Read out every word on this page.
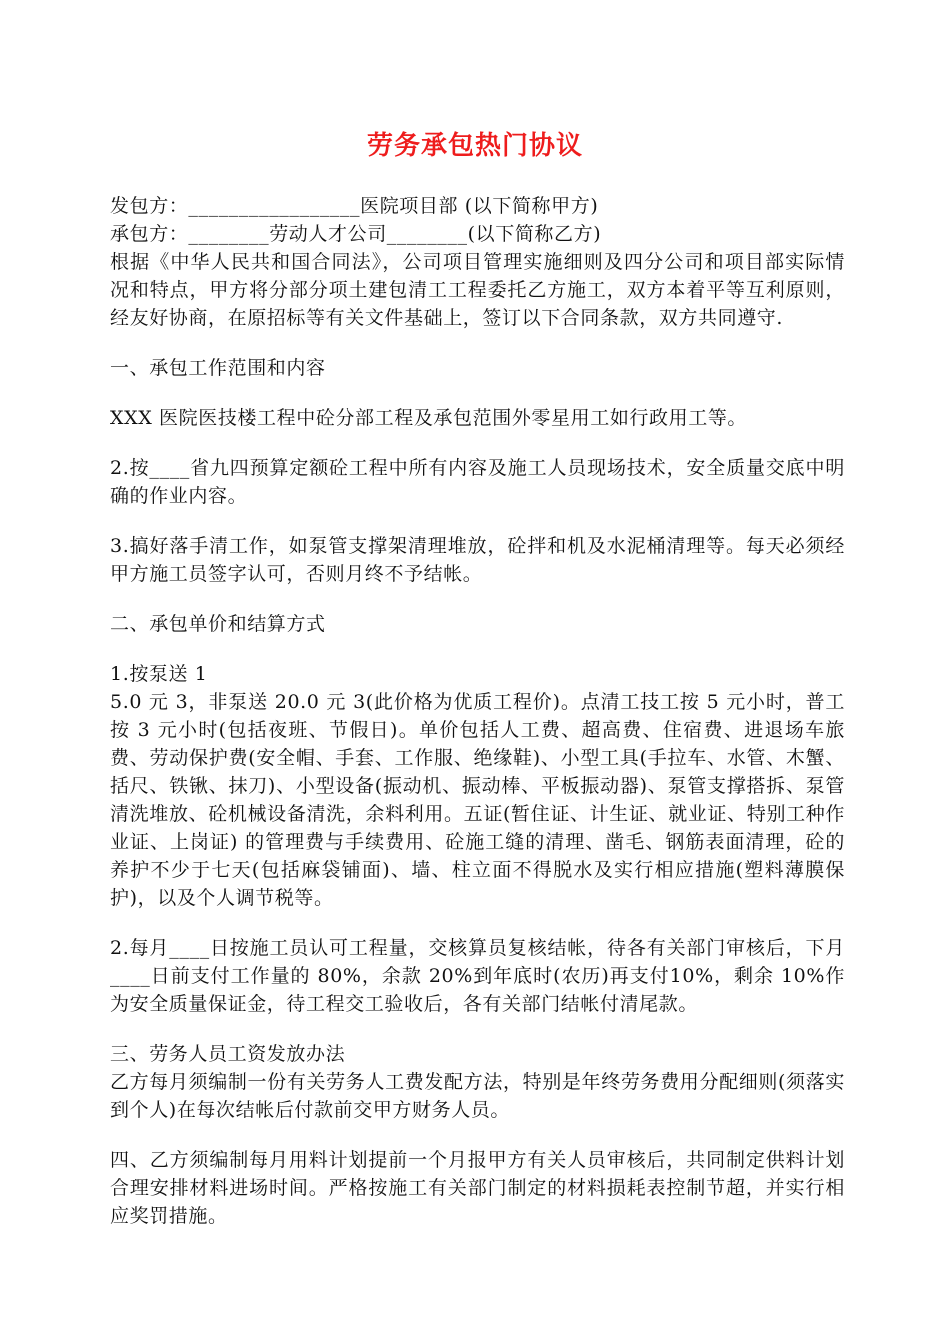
劳务承包热门协议
发包方：_________________医院项目部 (以下简称甲方)
承包方：________劳动人才公司________(以下简称乙方)

根据《中华人民共和国合同法》，公司项目管理实施细则及四分公司和项目部实际情况和特点，甲方将分部分项土建包清工工程委托乙方施工，双方本着平等互利原则，经友好协商，在原招标等有关文件基础上，签订以下合同条款，双方共同遵守.

一、承包工作范围和内容

XXX 医院医技楼工程中砼分部工程及承包范围外零星用工如行政用工等。

2.按____省九四预算定额砼工程中所有内容及施工人员现场技术，安全质量交底中明确的作业内容。

3.搞好落手清工作，如泵管支撑架清理堆放，砼拌和机及水泥桶清理等。每天必须经甲方施工员签字认可，否则月终不予结帐。

二、承包单价和结算方式
1.按泵送 1

5.0 元 3，非泵送 20.0 元 3(此价格为优质工程价)。点清工技工按 5 元小时，普工按 3 元小时(包括夜班、节假日)。单价包括人工费、超高费、住宿费、进退场车旅费、劳动保护费(安全帽、手套、工作服、绝缘鞋)、小型工具(手拉车、水管、木蟹、括尺、铁锹、抹刀)、小型设备(振动机、振动棒、平板振动器)、泵管支撑搭拆、泵管清洗堆放、砼机械设备清洗，余料利用。五证(暂住证、计生证、就业证、特别工种作业证、上岗证) 的管理费与手续费用、砼施工缝的清理、凿毛、钢筋表面清理，砼的养护不少于七天(包括麻袋铺面)、墙、柱立面不得脱水及实行相应措施(塑料薄膜保护)，以及个人调节税等。

2.每月____日按施工员认可工程量，交核算员复核结帐，待各有关部门审核后，下月____日前支付工作量的 80%，余款 20%到年底时(农历)再支付10%，剩余 10%作为安全质量保证金，待工程交工验收后，各有关部门结帐付清尾款。

三、劳务人员工资发放办法

乙方每月须编制一份有关劳务人工费发配方法，特别是年终劳务费用分配细则(须落实到个人)在每次结帐后付款前交甲方财务人员。

四、乙方须编制每月用料计划提前一个月报甲方有关人员审核后，共同制定供料计划合理安排材料进场时间。严格按施工有关部门制定的材料损耗表控制节超，并实行相应奖罚措施。
